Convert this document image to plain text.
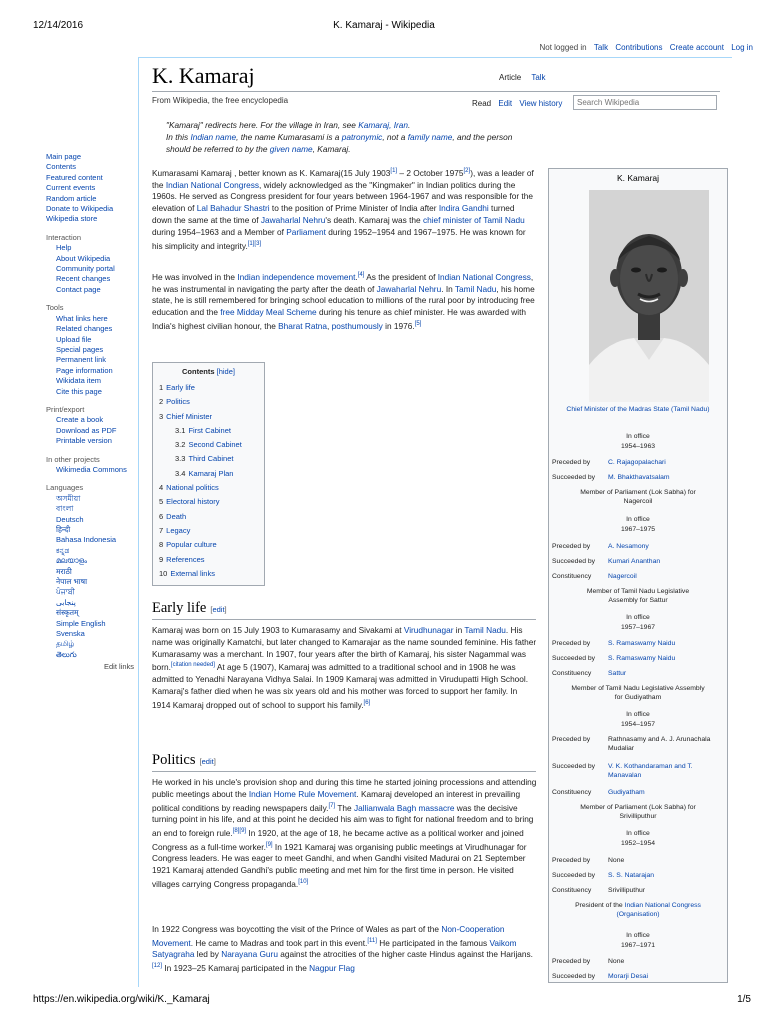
12/14/2016	K. Kamaraj - Wikipedia
Not logged in Talk Contributions Create account Log in
Main page
Contents
Featured content
Current events
Random article
Donate to Wikipedia
Wikipedia store
Interaction
Help
About Wikipedia
Community portal
Recent changes
Contact page
Tools
What links here
Related changes
Upload file
Special pages
Permanent link
Page information
Wikidata item
Cite this page
Print/export
Create a book
Download as PDF
Printable version
In other projects
Wikimedia Commons
Languages
অসমীয়া
বাংলা
Deutsch
हिन्दी
Bahasa Indonesia
ಕನ್ನಡ
മലയാളം
मराठी
नेपाल भाषा
ਪੰਜਾਬੀ
پنجابی
संस्कृतम्
Simple English
Svenska
தமிழ்
తెలుగు
Edit links
K. Kamaraj
From Wikipedia, the free encyclopedia
Article Talk
Read Edit View history
Search Wikipedia
"Kamaraj" redirects here. For the village in Iran, see Kamaraj, Iran.
In this Indian name, the name Kumarasami is a patronymic, not a family name, and the person should be referred to by the given name, Kamaraj.

Kumarasami Kamaraj , better known as K. Kamaraj(15 July 1903[1] – 2 October 1975[2]), was a leader of the Indian National Congress, widely acknowledged as the "Kingmaker" in Indian politics during the 1960s. He served as Congress president for four years between 1964-1967 and was responsible for the elevation of Lal Bahadur Shastri to the position of Prime Minister of India after Indira Gandhi turned down the same at the time of Jawaharlal Nehru's death. Kamaraj was the chief minister of Tamil Nadu during 1954–1963 and a Member of Parliament during 1952–1954 and 1967–1975. He was known for his simplicity and integrity.[1][3]

He was involved in the Indian independence movement.[4] As the president of Indian National Congress, he was instrumental in navigating the party after the death of Jawaharlal Nehru. In Tamil Nadu, his home state, he is still remembered for bringing school education to millions of the rural poor by introducing free education and the free Midday Meal Scheme during his tenure as chief minister. He was awarded with India's highest civilian honour, the Bharat Ratna, posthumously in 1976.[5]

Contents [hide]
1 Early life
2 Politics
3 Chief Minister
3.1 First Cabinet
3.2 Second Cabinet
3.3 Third Cabinet
3.4 Kamaraj Plan
4 National politics
5 Electoral history
6 Death
7 Legacy
8 Popular culture
9 References
10 External links
Early life [edit]

Kamaraj was born on 15 July 1903 to Kumarasamy and Sivakami at Virudhunagar in Tamil Nadu. His name was originally Kamatchi, but later changed to Kamarajar as the name sounded feminine. His father Kumarasamy was a merchant. In 1907, four years after the birth of Kamaraj, his sister Nagammal was born.[citation needed] At age 5 (1907), Kamaraj was admitted to a traditional school and in 1908 he was admitted to Yenadhi Narayana Vidhya Salai. In 1909 Kamaraj was admitted in Virudupatti High School. Kamaraj's father died when he was six years old and his mother was forced to support her family. In 1914 Kamaraj dropped out of school to support his family.[6]

Politics [edit]

He worked in his uncle's provision shop and during this time he started joining processions and attending public meetings about the Indian Home Rule Movement. Kamaraj developed an interest in prevailing political conditions by reading newspapers daily.[7] The Jallianwala Bagh massacre was the decisive turning point in his life, and at this point he decided his aim was to fight for national freedom and to bring an end to foreign rule.[8][9] In 1920, at the age of 18, he became active as a political worker and joined Congress as a full-time worker.[9] In 1921 Kamaraj was organising public meetings at Virudhunagar for Congress leaders. He was eager to meet Gandhi, and when Gandhi visited Madurai on 21 September 1921 Kamaraj attended Gandhi's public meeting and met him for the first time in person. He visited villages carrying Congress propaganda.[10]

In 1922 Congress was boycotting the visit of the Prince of Wales as part of the Non-Cooperation Movement. He came to Madras and took part in this event.[11] He participated in the famous Vaikom Satyagraha led by Narayana Guru against the atrocities of the higher caste Hindus against the Harijans.[12] In 1923–25 Kamaraj participated in the Nagpur Flag

K. Kamaraj
Chief Minister of the Madras State (Tamil Nadu)
In office
1954–1963
Preceded by	C. Rajagopalachari
Succeeded by M. Bhakthavatsalam
Member of Parliament (Lok Sabha) for Nagercoil
In office
1967–1975
Preceded by	A. Nesamony
Succeeded by Kumari Ananthan
Constituency Nagercoil
Member of Tamil Nadu Legislative Assembly for Sattur
In office
1957–1967
Preceded by	S. Ramaswamy Naidu
Succeeded by S. Ramaswamy Naidu
Constituency Sattur
Member of Tamil Nadu Legislative Assembly for Gudiyatham
In office
1954–1957
Preceded by	Rathnasamy and A. J. Arunachala Mudaliar
Succeeded by V. K. Kothandaraman and T. Manavalan
Constituency Gudiyatham
Member of Parliament (Lok Sabha) for Srivilliputhur
In office
1952–1954
Preceded by	None
Succeeded by S. S. Natarajan
Constituency Srivilliputhur
President of the Indian National Congress (Organisation)
In office
1967–1971
Preceded by	None
Succeeded by Morarji Desai
https://en.wikipedia.org/wiki/K._Kamaraj	1/5
